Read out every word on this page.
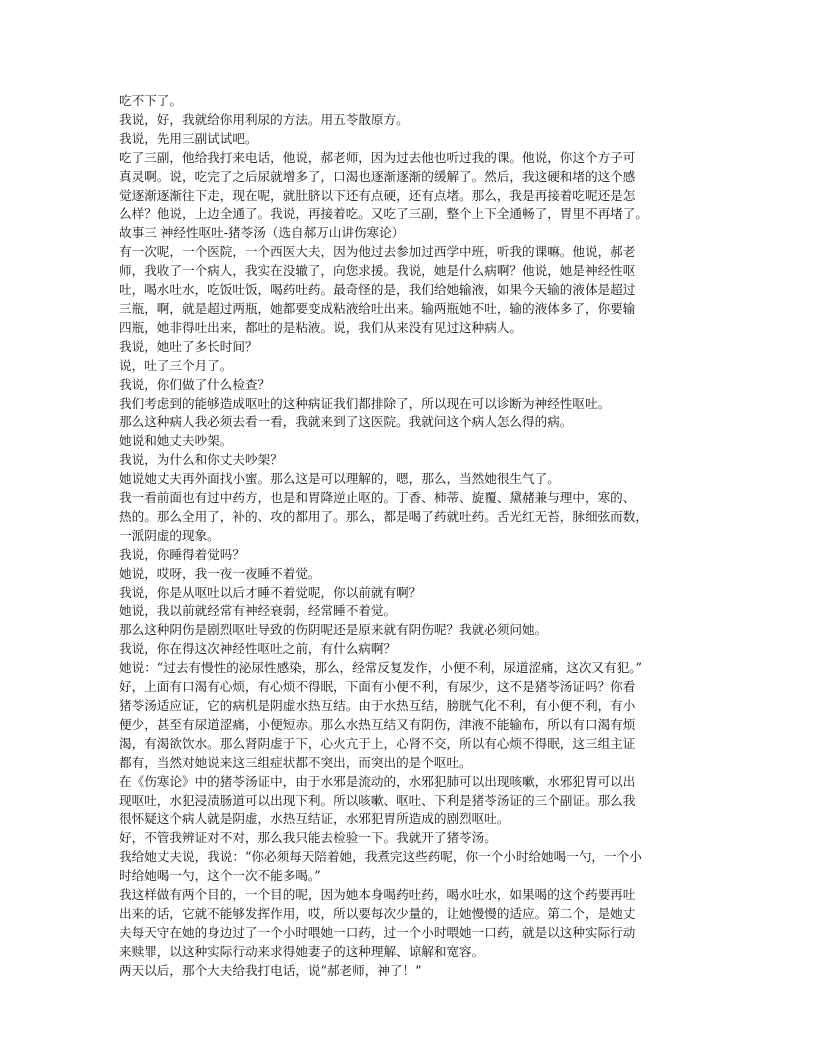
吃不下了。
我说，好，我就给你用利尿的方法。用五苓散原方。
我说，先用三副试试吧。
吃了三副，他给我打来电话，他说，郝老师，因为过去他也听过我的课。他说，你这个方子可
真灵啊。说，吃完了之后尿就增多了，口渴也逐渐逐渐的缓解了。然后，我这硬和堵的这个感
觉逐渐逐渐往下走，现在呢，就肚脐以下还有点硬，还有点堵。那么，我是再接着吃呢还是怎
么样？他说，上边全通了。我说，再接着吃。又吃了三副，整个上下全通畅了，胃里不再堵了。
故事三 神经性呕吐-猪苓汤（选自郝万山讲伤寒论）
有一次呢，一个医院，一个西医大夫，因为他过去参加过西学中班，听我的课嘛。他说，郝老
师，我收了一个病人，我实在没辙了，向您求援。我说，她是什么病啊？他说，她是神经性呕
吐，喝水吐水，吃饭吐饭，喝药吐药。最奇怪的是，我们给她输液，如果今天输的液体是超过
三瓶，啊，就是超过两瓶，她都要变成粘液给吐出来。输两瓶她不吐，输的液体多了，你要输
四瓶，她非得吐出来，都吐的是粘液。说，我们从来没有见过这种病人。
我说，她吐了多长时间？
说，吐了三个月了。
我说，你们做了什么检查？
我们考虑到的能够造成呕吐的这种病证我们都排除了，所以现在可以诊断为神经性呕吐。
那么这种病人我必须去看一看，我就来到了这医院。我就问这个病人怎么得的病。
她说和她丈夫吵架。
我说，为什么和你丈夫吵架？
她说她丈夫再外面找小蜜。那么这是可以理解的，嗯，那么，当然她很生气了。
我一看前面也有过中药方，也是和胃降逆止呕的。丁香、柿蒂、旋覆、黛赭兼与理中，寒的、
热的。那么全用了，补的、攻的都用了。那么，都是喝了药就吐药。舌光红无苔，脉细弦而数，
一派阴虚的现象。
我说，你睡得着觉吗？
她说，哎呀，我一夜一夜睡不着觉。
我说，你是从呕吐以后才睡不着觉呢，你以前就有啊？
她说，我以前就经常有神经衰弱，经常睡不着觉。
那么这种阴伤是剧烈呕吐导致的伤阴呢还是原来就有阴伤呢？我就必须问她。
我说，你在得这次神经性呕吐之前，有什么病啊？
她说：“过去有慢性的泌尿性感染，那么，经常反复发作，小便不利，尿道涩痛，这次又有犯。”
好，上面有口渴有心烦，有心烦不得眠，下面有小便不利，有尿少，这不是猪苓汤证吗？你看
猪苓汤适应证，它的病机是阴虚水热互结。由于水热互结，膀胱气化不利，有小便不利，有小
便少，甚至有尿道涩痛，小便短赤。那么水热互结又有阴伤，津液不能输布，所以有口渴有烦
渴，有渴欲饮水。那么肾阴虚于下，心火亢于上，心肾不交，所以有心烦不得眠，这三组主证
都有，当然对她说来这三组症状都不突出，而突出的是个呕吐。
在《伤寒论》中的猪苓汤证中，由于水邪是流动的，水邪犯肺可以出现咳嗽，水邪犯胃可以出
现呕吐，水犯浸渍肠道可以出现下利。所以咳嗽、呕吐、下利是猪苓汤证的三个副证。那么我
很怀疑这个病人就是阴虚，水热互结证，水邪犯胃所造成的剧烈呕吐。
好，不管我辨证对不对，那么我只能去检验一下。我就开了猪苓汤。
我给她丈夫说，我说：“你必须每天陪着她，我煮完这些药呢，你一个小时给她喝一勺，一个小
时给她喝一勺，这个一次不能多喝。”
我这样做有两个目的，一个目的呢，因为她本身喝药吐药，喝水吐水，如果喝的这个药要再吐
出来的话，它就不能够发挥作用，哎，所以要每次少量的，让她慢慢的适应。第二个，是她丈
夫每天守在她的身边过了一个小时喂她一口药，过一个小时喂她一口药，就是以这种实际行动
来赎罪，以这种实际行动来求得她妻子的这种理解、谅解和宽容。
两天以后，那个大夫给我打电话，说“郝老师，神了！”
